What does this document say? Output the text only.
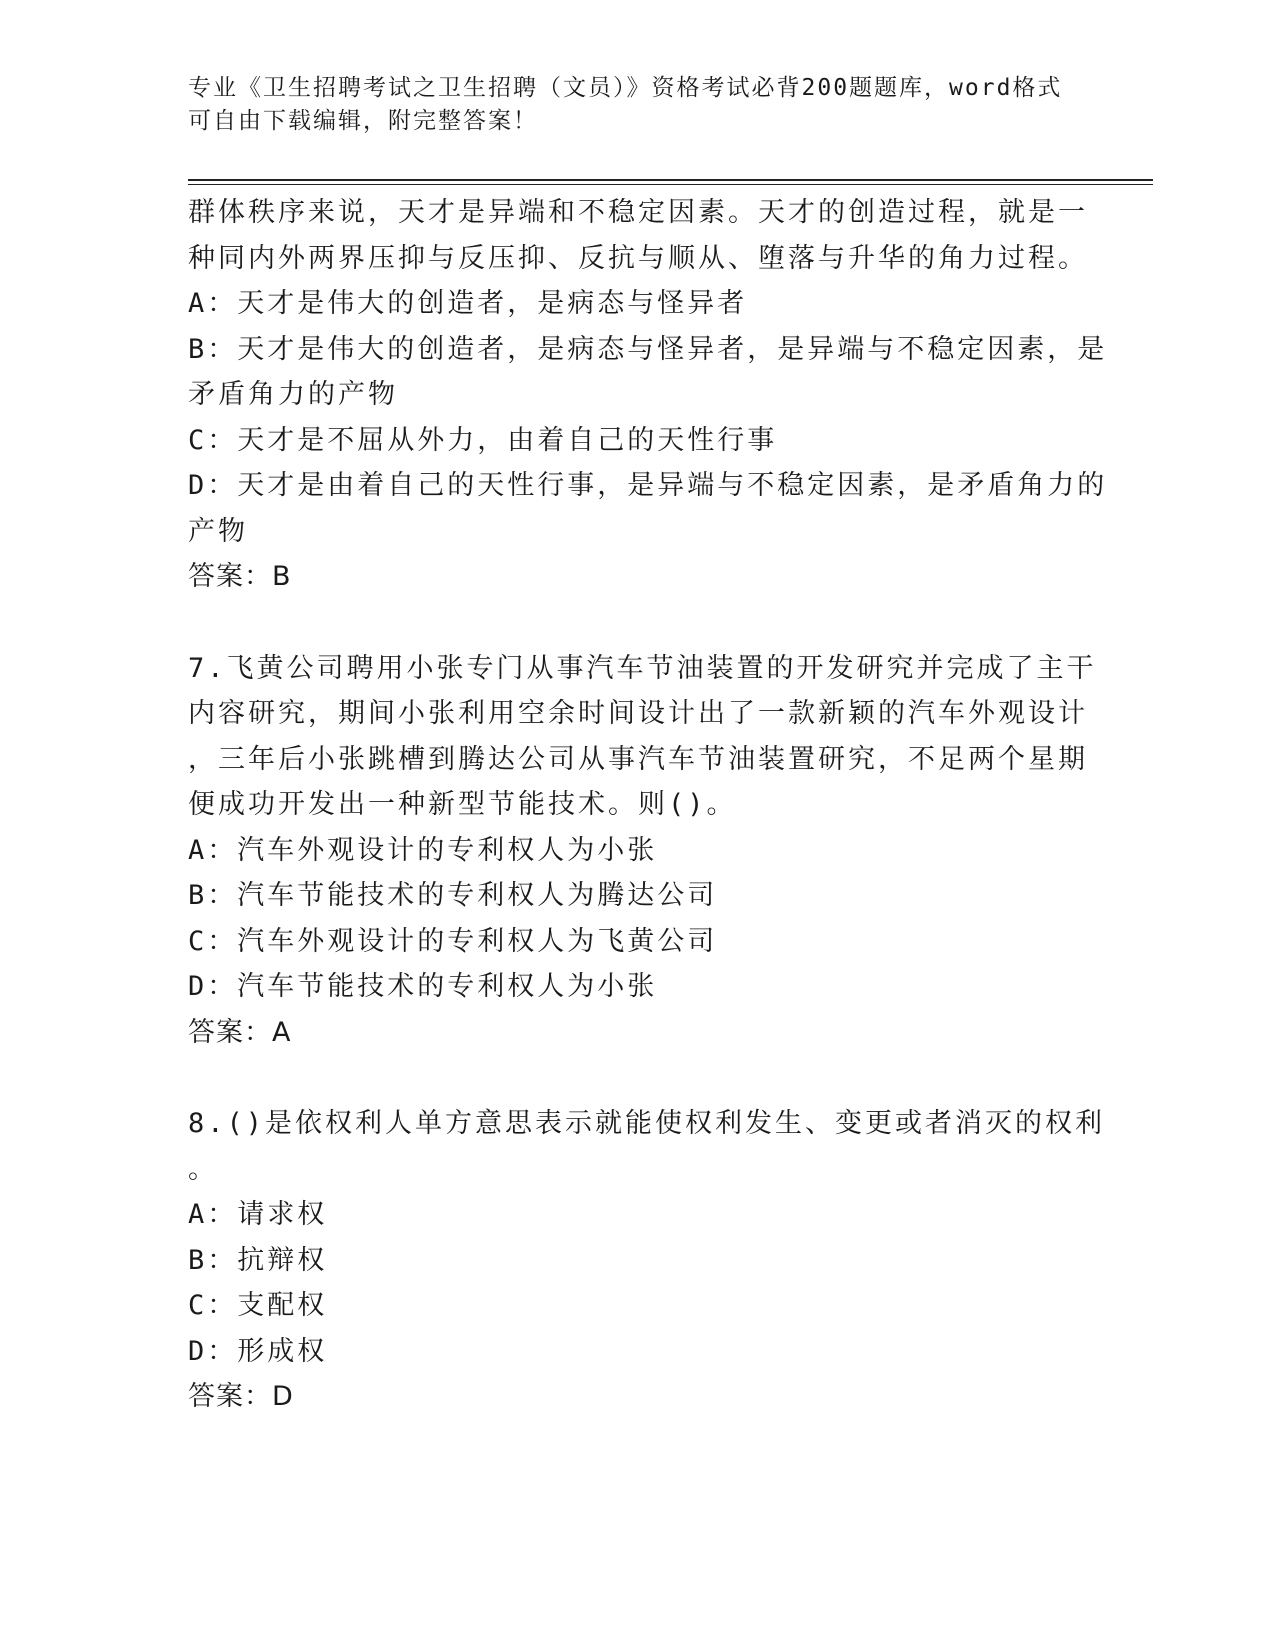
专业《卫生招聘考试之卫生招聘（文员）》资格考试必背200题题库，word格式
可自由下载编辑，附完整答案！
群体秩序来说，天才是异端和不稳定因素。天才的创造过程，就是一
种同内外两界压抑与反压抑、反抗与顺从、堕落与升华的角力过程。
A：天才是伟大的创造者，是病态与怪异者
B：天才是伟大的创造者，是病态与怪异者，是异端与不稳定因素，是
矛盾角力的产物
C：天才是不屈从外力，由着自己的天性行事
D：天才是由着自己的天性行事，是异端与不稳定因素，是矛盾角力的
产物
答案：B
7.飞黄公司聘用小张专门从事汽车节油装置的开发研究并完成了主干
内容研究，期间小张利用空余时间设计出了一款新颖的汽车外观设计
，三年后小张跳槽到腾达公司从事汽车节油装置研究，不足两个星期
便成功开发出一种新型节能技术。则()。
A：汽车外观设计的专利权人为小张
B：汽车节能技术的专利权人为腾达公司
C：汽车外观设计的专利权人为飞黄公司
D：汽车节能技术的专利权人为小张
答案：A
8.()是依权利人单方意思表示就能使权利发生、变更或者消灭的权利
。
A：请求权
B：抗辩权
C：支配权
D：形成权
答案：D
